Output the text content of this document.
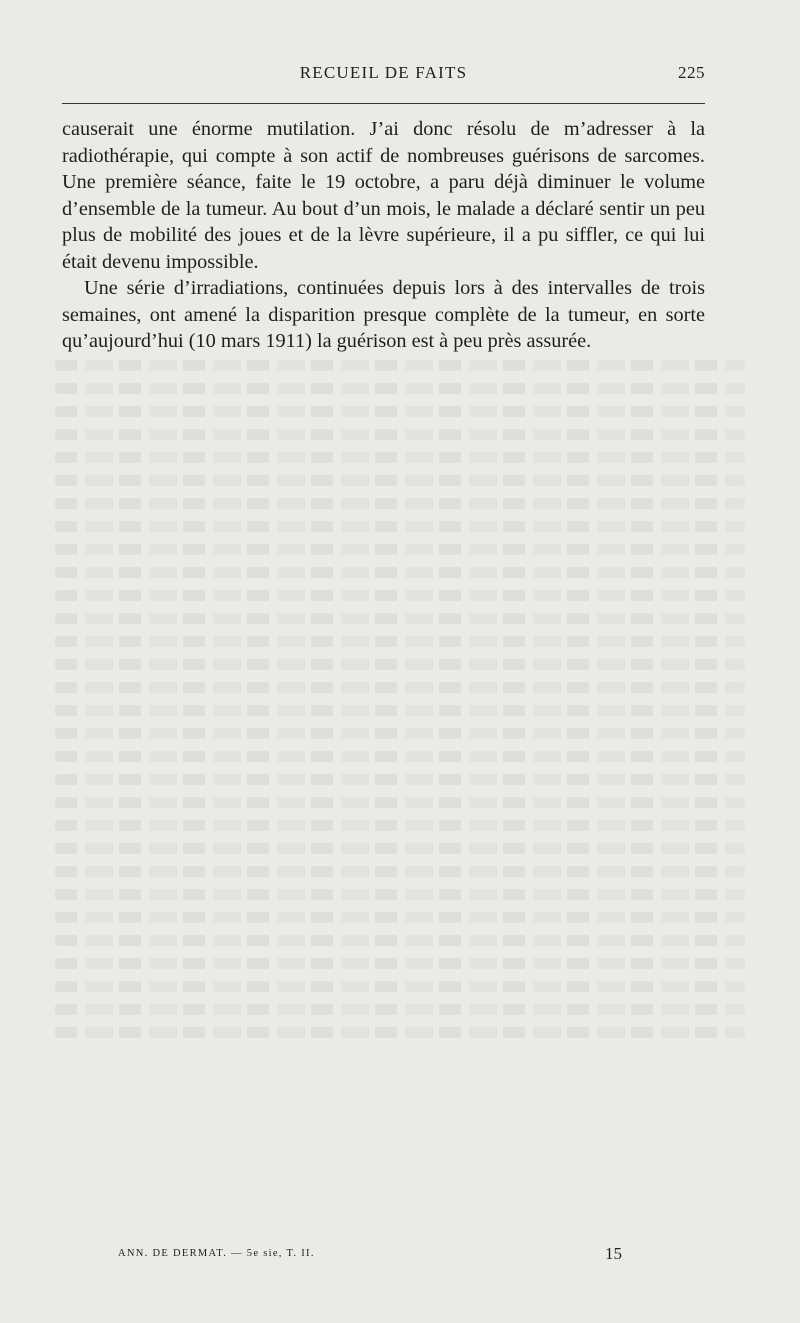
RECUEIL DE FAITS	225

causerait une énorme mutilation. J’ai donc résolu de m’adresser à la radiothérapie, qui compte à son actif de nombreuses guérisons de sarcomes. Une première séance, faite le 19 octobre, a paru déjà diminuer le volume d’ensemble de la tumeur. Au bout d’un mois, le malade a déclaré sentir un peu plus de mobilité des joues et de la lèvre supérieure, il a pu siffler, ce qui lui était devenu impossible.

Une série d’irradiations, continuées depuis lors à des intervalles de trois semaines, ont amené la disparition presque complète de la tumeur, en sorte qu’aujourd’hui (10 mars 1911) la guérison est à peu près assurée.

ANN. DE DERMAT. — 5e sie, T. II.	15
